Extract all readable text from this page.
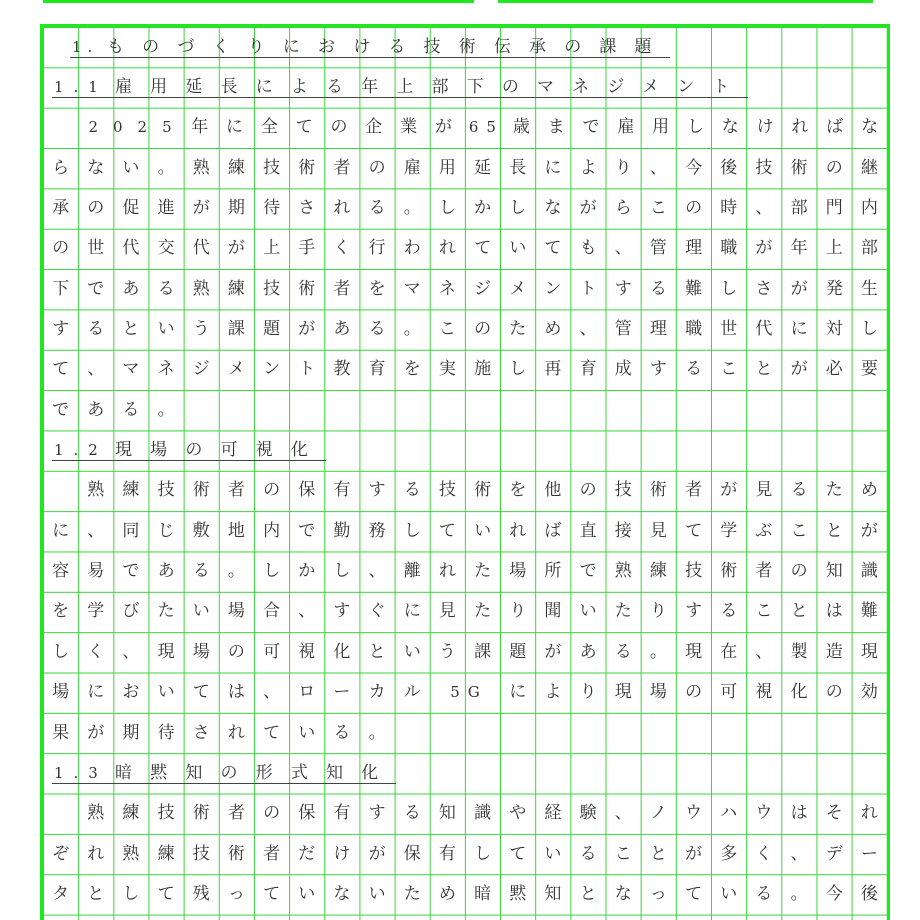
1. ものづくりにおける技術伝承の課題
1.1 雇用延長による年上部下のマネジメント
2025 年	に	全	て	の	企	業	が	65 歳	ま	で	雇	用	し	な	け	れ	ば	な
ら	な	い	。	熟	練	技	術	者	の	雇	用	延	長	に	よ	り	、	今	後	技	術	の	継
承	の	促	進	が	期	待	さ	れ	る	。	し	か	し	な	が	ら	こ	の	時	、	部	門	内
の	世	代	交	代	が	上	手	く	行	わ	れ	て	い	て	も	、	管	理	職	が	年	上	部
下	で	あ	る	熟	練	技	術	者	を	マ	ネ	ジ	メ	ン	ト	す	る	難	し	さ	が	発	生
す	る	と	い	う	課	題	が	あ	る	。	こ	の	た	め	、	管	理	職	世	代	に	対	し
て	、	マ	ネ	ジ	メ	ン	ト	教	育	を	実	施	し	再	育	成	す	る	こ	と	が	必	要
で	あ	る	。
1.2 現場の可視化
熟	練	技	術	者	の	保	有	す	る	技	術	を	他	の	技	術	者	が	見	る	た	め
に	、	同	じ	敷	地	内	で	勤	務	し	て	い	れ	ば	直	接	見	て	学	ぶ	こ	と	が
容	易	で	あ	る	。	し	か	し	、	離	れ	た	場	所	で	熟	練	技	術	者	の	知	識
を	学	び	た	い	場	合	、	す	ぐ	に	見	た	り	聞	い	た	り	す	る	こ	と	は	難
し	く	、	現	場	の	可	視	化	と	い	う	課	題	が	あ	る	。	現	在	、	製	造	現
場	に	お	い	て	は	、	ロ	ー	カ	ル	5G	に	よ	り	現	場	の	可	視	化	の	効
果	が	期	待	さ	れ	て	い	る	。
1.3 暗黙知の形式知化
熟	練	技	術	者	の	保	有	す	る	知	識	や	経	験	、	ノ	ウ	ハ	ウ	は	そ	れ
ぞ	れ	熟	練	技	術	者	だ	け	が	保	有	し	て	い	る	こ	と	が	多	く	、	デ	ー
タ	と	し	て	残	っ	て	い	な	い	た	め	暗	黙	知	と	な	っ	て	い	る	。	今	後
